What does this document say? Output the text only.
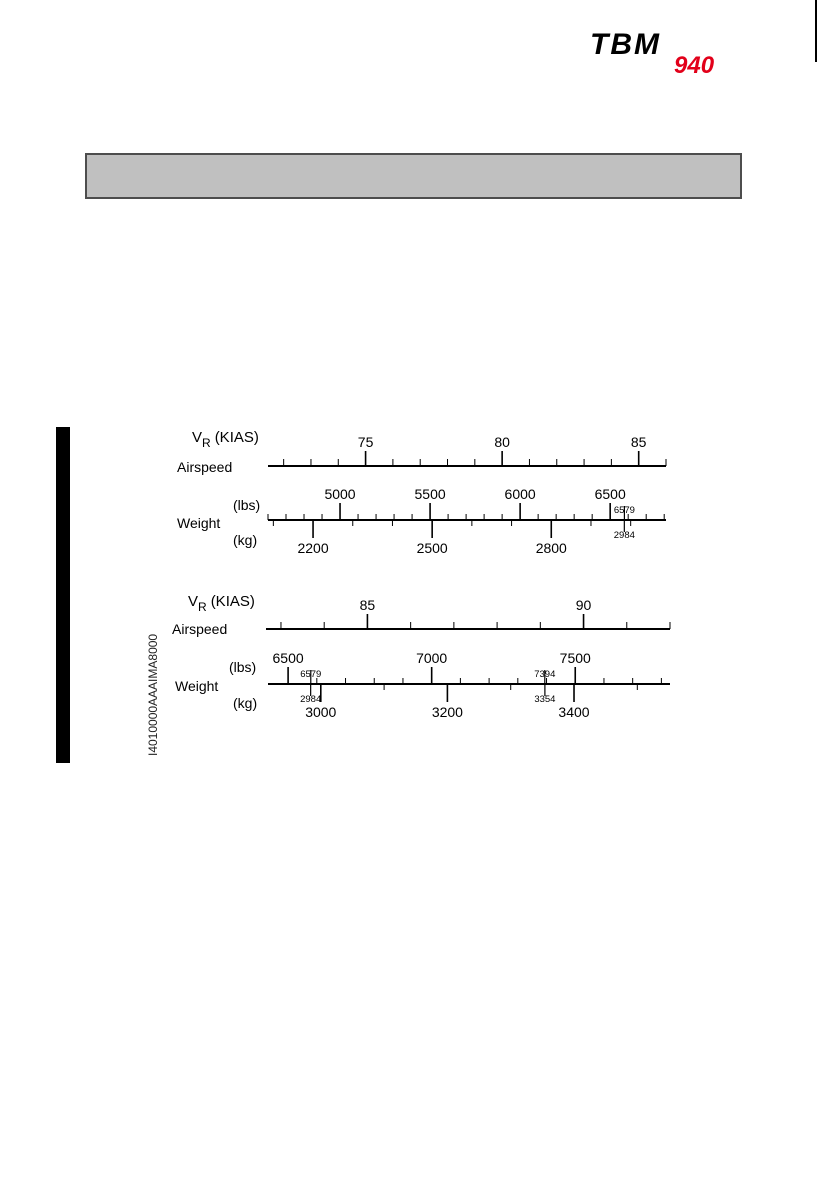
TBM
940
I4010000AAAIMA8000
$V_R$ (KIAS)
Airspeed
75	80	85
(lbs)
Weight
(kg)
5000	5500	6000	6500
2200	2500	2800
6579
2984
$V_R$ (KIAS)
Airspeed
85	90
(lbs)
Weight
(kg)
6500	7000	7500
3000	3200	3400
6579
2984
7394
3354
